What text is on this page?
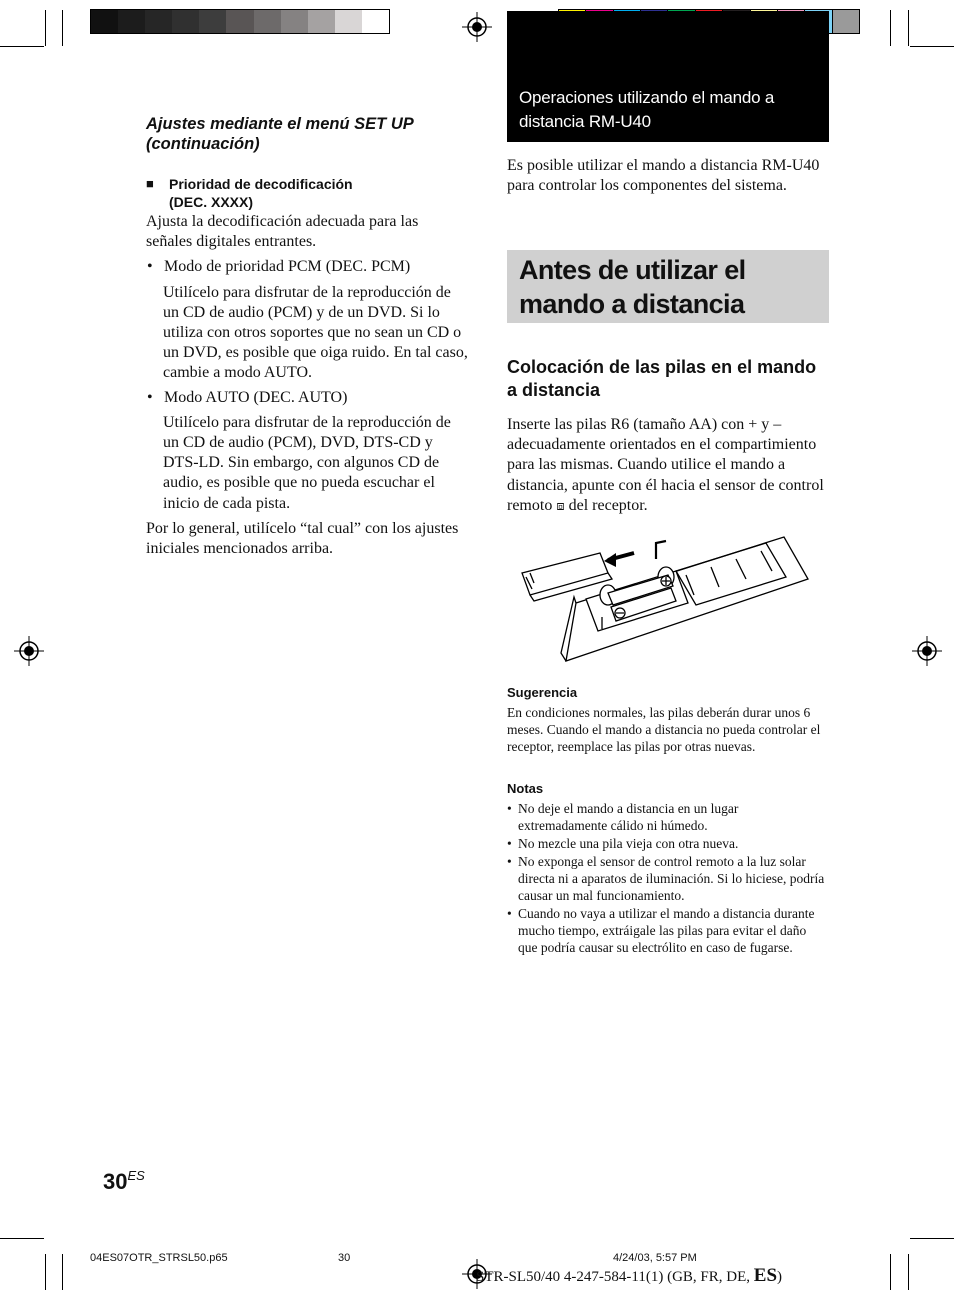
Operaciones utilizando el mando a distancia RM-U40
Ajustes mediante el menú SET UP (continuación)
■	Prioridad de decodificación
(DEC. XXXX)
Ajusta la decodificación adecuada para las señales digitales entrantes.
• Modo de prioridad PCM (DEC. PCM)
Utilícelo para disfrutar de la reproducción de un CD de audio (PCM) y de un DVD. Si lo utiliza con otros soportes que no sean un CD o un DVD, es posible que oiga ruido. En tal caso, cambie a modo AUTO.
• Modo AUTO (DEC. AUTO)
Utilícelo para disfrutar de la reproducción de un CD de audio (PCM), DVD, DTS-CD y DTS-LD. Sin embargo, con algunos CD de audio, es posible que no pueda escuchar el inicio de cada pista.
Por lo general, utilícelo “tal cual” con los ajustes iniciales mencionados arriba.
Es posible utilizar el mando a distancia RM-U40 para controlar los componentes del sistema.
Antes de utilizar el mando a distancia
Colocación de las pilas en el mando a distancia
Inserte las pilas R6 (tamaño AA) con + y – adecuadamente orientados en el compartimiento para las mismas. Cuando utilice el mando a distancia, apunte con él hacia el sensor de control remoto ⧈ del receptor.
Sugerencia
En condiciones normales, las pilas deberán durar unos 6 meses. Cuando el mando a distancia no pueda controlar el receptor, reemplace las pilas por otras nuevas.
Notas
• No deje el mando a distancia en un lugar extremadamente cálido ni húmedo.
• No mezcle una pila vieja con otra nueva.
• No exponga el sensor de control remoto a la luz solar directa ni a aparatos de iluminación. Si lo hiciese, podría causar un mal funcionamiento.
• Cuando no vaya a utilizar el mando a distancia durante mucho tiempo, extráigale las pilas para evitar el daño que podría causar su electrólito en caso de fugarse.
$30^{ES}$
04ES07OTR_STRSL50.p65	30	4/24/03, 5:57 PM
STR-SL50/40 4-247-584-11(1) (GB, FR, DE, ES)
